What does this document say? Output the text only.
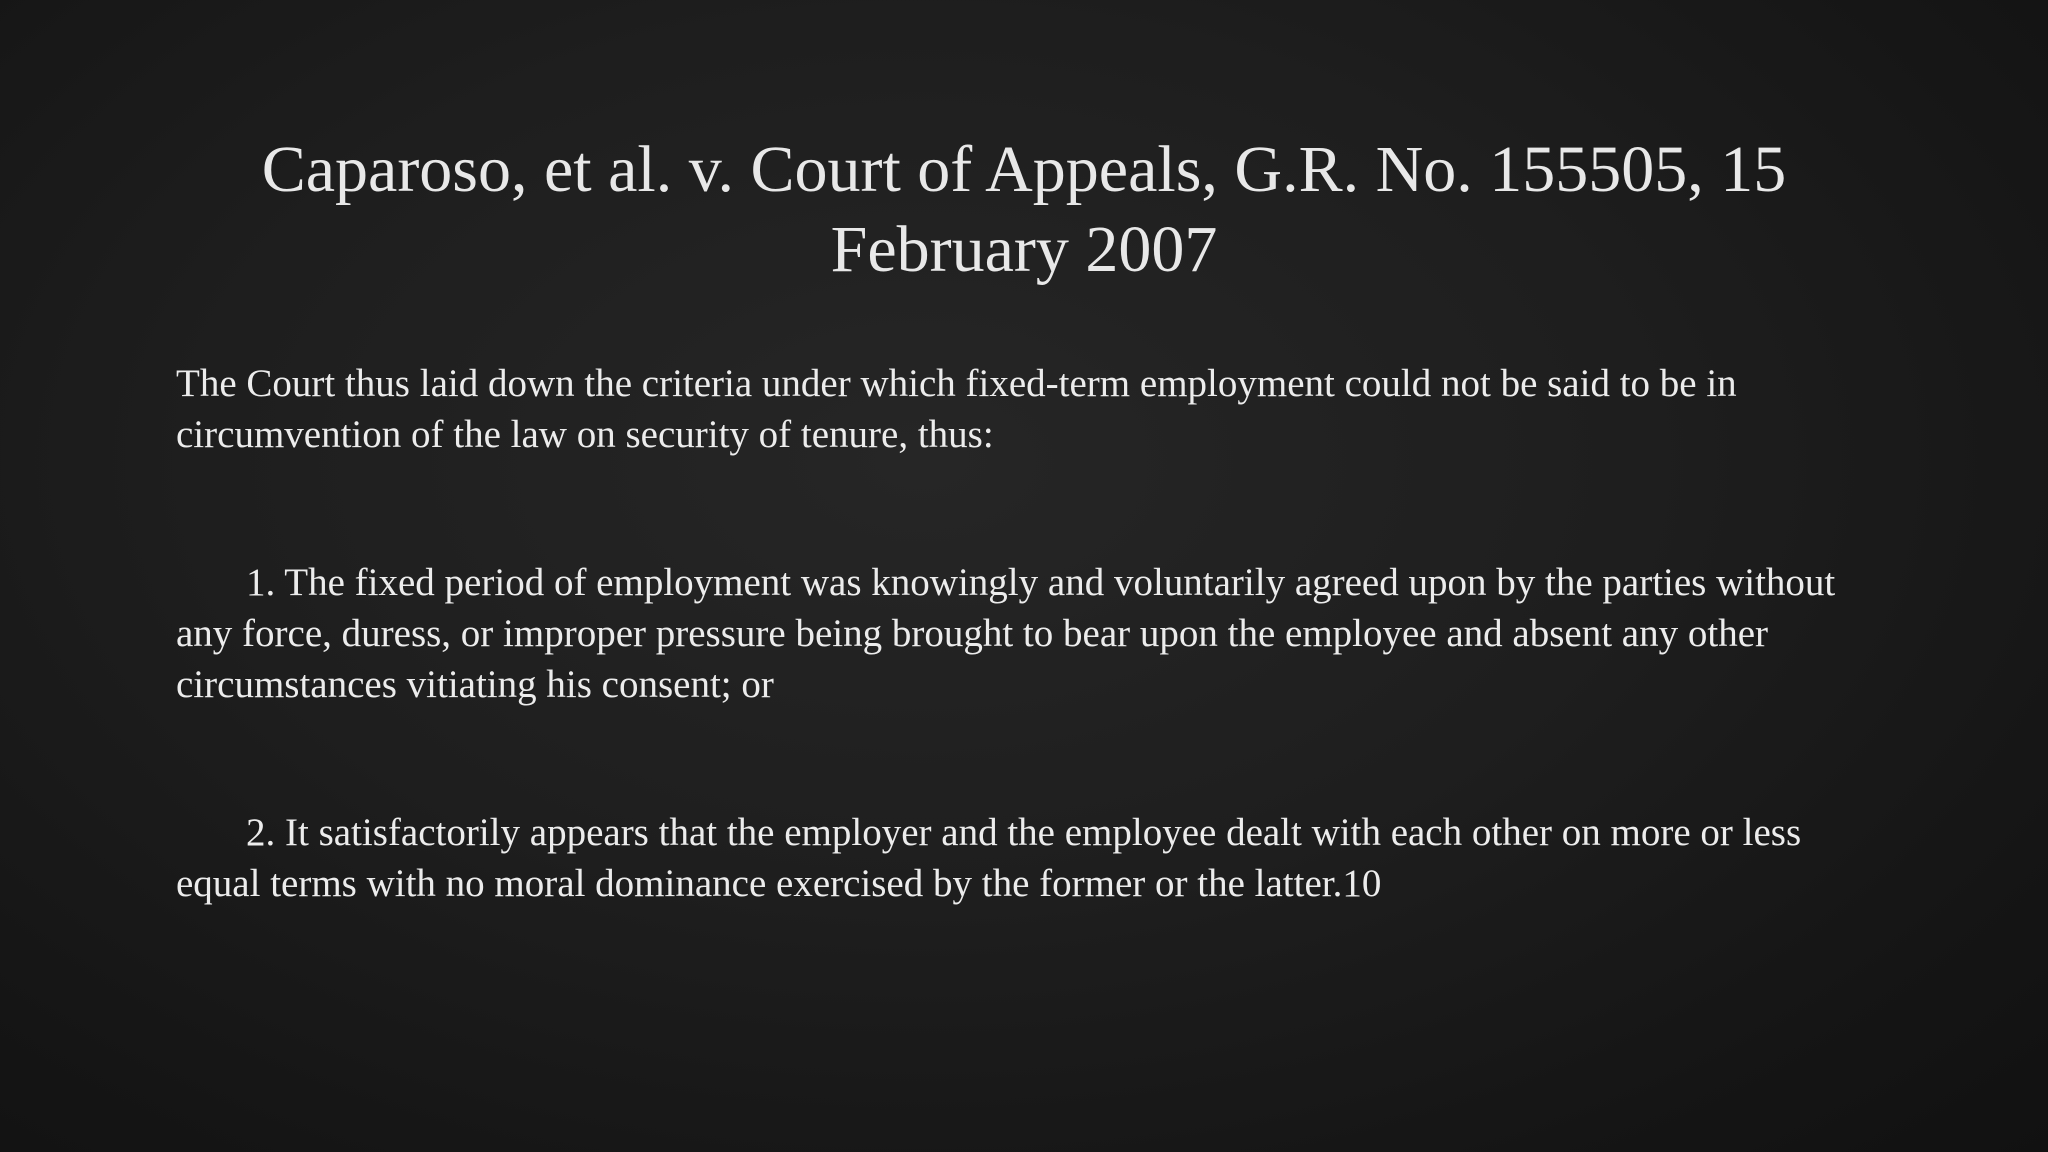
Caparoso, et al. v. Court of Appeals, G.R. No. 155505, 15 February 2007

The Court thus laid down the criteria under which fixed-term employment could not be said to be in circumvention of the law on security of tenure, thus:

1. The fixed period of employment was knowingly and voluntarily agreed upon by the parties without any force, duress, or improper pressure being brought to bear upon the employee and absent any other circumstances vitiating his consent; or

2. It satisfactorily appears that the employer and the employee dealt with each other on more or less equal terms with no moral dominance exercised by the former or the latter.10
